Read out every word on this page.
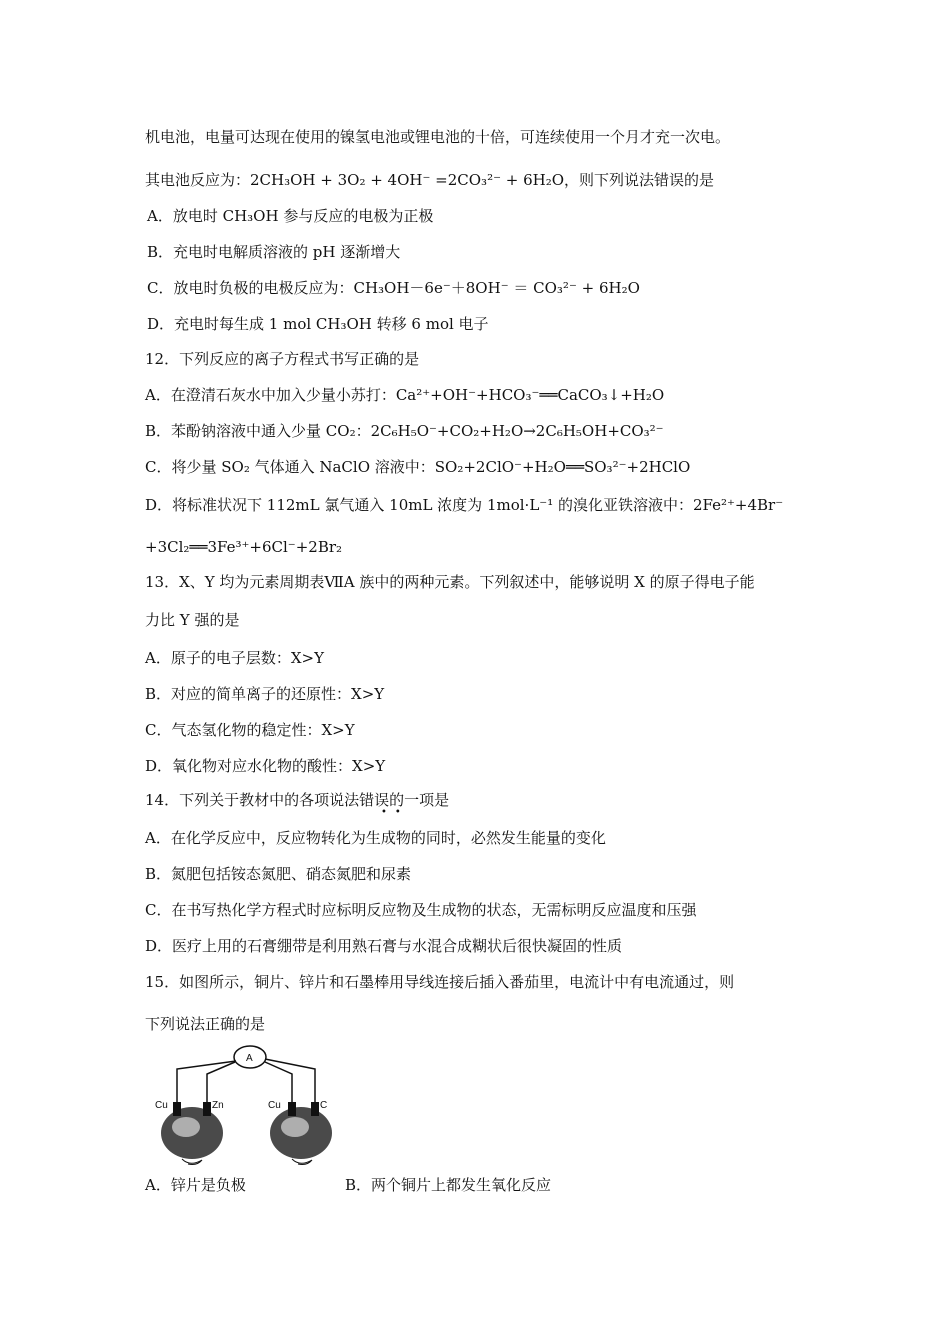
机电池，电量可达现在使用的镍氢电池或锂电池的十倍，可连续使用一个月才充一次电。
其电池反应为：2CH₃OH + 3O₂ + 4OH⁻ =2CO₃²⁻ + 6H₂O，则下列说法错误的是
A．放电时 CH₃OH 参与反应的电极为正极
B．充电时电解质溶液的 pH 逐渐增大
C．放电时负极的电极反应为：CH₃OH－6e⁻＋8OH⁻ ＝ CO₃²⁻ + 6H₂O
D．充电时每生成 1 mol CH₃OH 转移 6 mol 电子
12．下列反应的离子方程式书写正确的是
A．在澄清石灰水中加入少量小苏打：Ca²⁺+OH⁻+HCO₃⁻══CaCO₃↓+H₂O
B．苯酚钠溶液中通入少量 CO₂：2C₆H₅O⁻+CO₂+H₂O→2C₆H₅OH+CO₃²⁻
C．将少量 SO₂ 气体通入 NaClO 溶液中：SO₂+2ClO⁻+H₂O══SO₃²⁻+2HClO
D．将标准状况下 112mL 氯气通入 10mL 浓度为 1mol·L⁻¹ 的溴化亚铁溶液中：2Fe²⁺+4Br⁻
+3Cl₂══3Fe³⁺+6Cl⁻+2Br₂
13．X、Y 均为元素周期表ⅦA 族中的两种元素。下列叙述中，能够说明 X 的原子得电子能
力比 Y 强的是
A．原子的电子层数：X>Y
B．对应的简单离子的还原性：X>Y
C．气态氢化物的稳定性：X>Y
D．氧化物对应水化物的酸性：X>Y
14．下列关于教材中的各项说法错误的一项是
••
A．在化学反应中，反应物转化为生成物的同时，必然发生能量的变化
B．氮肥包括铵态氮肥、硝态氮肥和尿素
C．在书写热化学方程式时应标明反应物及生成物的状态，无需标明反应温度和压强
D．医疗上用的石膏绷带是利用熟石膏与水混合成糊状后很快凝固的性质
15．如图所示，铜片、锌片和石墨棒用导线连接后插入番茄里，电流计中有电流通过，则
下列说法正确的是
A
Cu	Zn	Cu	C
A．锌片是负极	B．两个铜片上都发生氧化反应
